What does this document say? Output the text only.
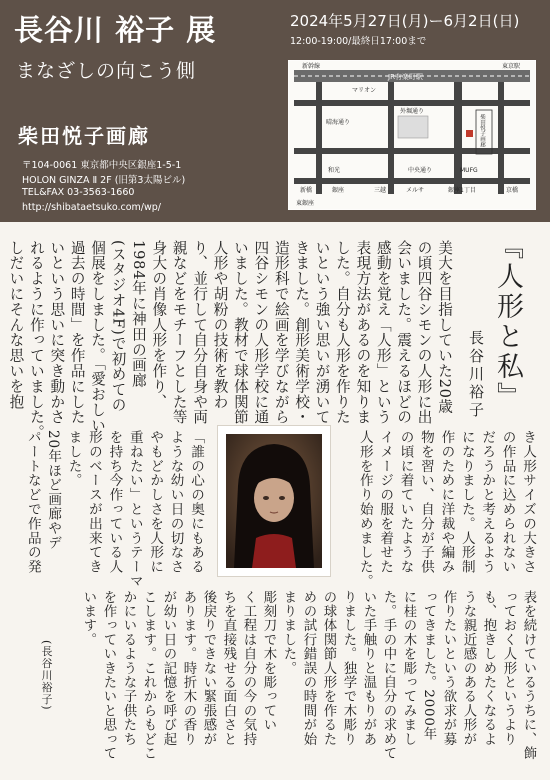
長谷川 裕子 展
まなざしの向こう側
柴田悦子画廊
〒104-0061 東京都中央区銀座1-5-1
HOLON GINZA Ⅱ 2F (旧第3太陽ビル)
TEL&FAX 03-3563-1660
http://shibataetsuko.com/wp/
2024年5月27日(月)ー6月2日(日)
12:00-19:00/最終日17:00まで
新幹線
JR有楽町駅
東京駅
マリオン
外堀通り
晴海通り
和光	中央通り
柴田悦子画廊
MUFG
新橋	銀座	三越	メルサ	銀座1丁目	京橋
東銀座
『人形と私』
長谷川裕子
美大を目指していた20歳
の頃四谷シモンの人形に出
会いました。震えるほどの
感動を覚え「人形」という
表現方法があるのを知りま
した。自分も人形を作りた
いという強い思いが湧いて
きました。創形美術学校・
造形科で絵画を学びながら
四谷シモンの人形学校に通
いました。教材で球体関節
人形や胡粉の技術を教わ
り、並行して自分自身や両
親などをモチーフとした等
身大の肖像人形を作り、
1984年に神田の画廊
(スタジオ4F)で初めての
個展をしました。「愛おしい
過去の時間」を作品にした
いという思いに突き動かさ
れるように作っていました。
しだいにそんな思いを抱
き人形サイズの大きさ
の作品に込められない
だろうかと考えるよう
になりました。人形制
作のために洋裁や編み
物を習い、自分が子供
の頃に着ていたような
イメージの服を着せた
人形を作り始めました。
「誰の心の奥にもある
ような幼い日の切なさ
やもどかしさを人形に
重ねたい」というテーマ
を持ち今作っている人
形のベースが出来てき
ました。
20年ほど画廊やデ
パートなどで作品の発
表を続けているうちに、飾
っておく人形というより
も、抱きしめたくなるよ
うな親近感のある人形が
作りたいという欲求が募
ってきました。2000年
に桂の木を彫ってみまし
た。手の中に自分の求めて
いた手触りと温もりがあ
りました。独学で木彫り
の球体関節人形を作るた
めの試行錯誤の時間が始
まりました。
彫刻刀で木を彫ってい
く工程は自分の今の気持
ちを直接残せる面白さと
後戻りできない緊張感が
あります。時折木の香り
が幼い日の記憶を呼び起
こします。これからもどこ
かにいるような子供たち
を作っていきたいと思って
います。
(長谷川裕子)
